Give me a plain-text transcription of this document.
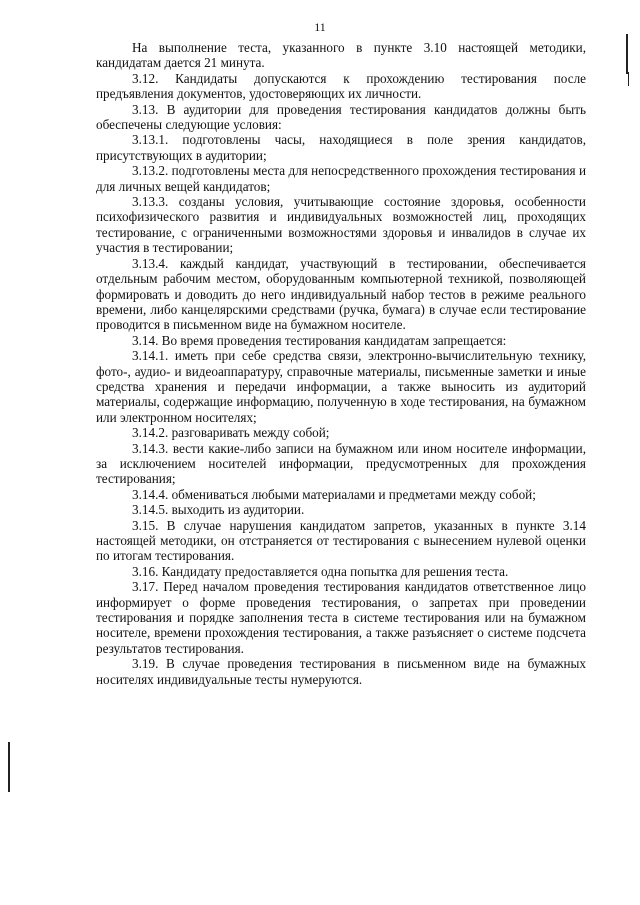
11

На выполнение теста, указанного в пункте 3.10 настоящей методики, кандидатам дается 21 минута.

3.12. Кандидаты допускаются к прохождению тестирования после предъявления документов, удостоверяющих их личности.

3.13. В аудитории для проведения тестирования кандидатов должны быть обеспечены следующие условия:

3.13.1. подготовлены часы, находящиеся в поле зрения кандидатов, присутствующих в аудитории;

3.13.2. подготовлены места для непосредственного прохождения тестирования и для личных вещей кандидатов;

3.13.3. созданы условия, учитывающие состояние здоровья, особенности психофизического развития и индивидуальных возможностей лиц, проходящих тестирование, с ограниченными возможностями здоровья и инвалидов в случае их участия в тестировании;

3.13.4. каждый кандидат, участвующий в тестировании, обеспечивается отдельным рабочим местом, оборудованным компьютерной техникой, позволяющей формировать и доводить до него индивидуальный набор тестов в режиме реального времени, либо канцелярскими средствами (ручка, бумага) в случае если тестирование проводится в письменном виде на бумажном носителе.

3.14. Во время проведения тестирования кандидатам запрещается:

3.14.1. иметь при себе средства связи, электронно-вычислительную технику, фото-, аудио- и видеоаппаратуру, справочные материалы, письменные заметки и иные средства хранения и передачи информации, а также выносить из аудиторий материалы, содержащие информацию, полученную в ходе тестирования, на бумажном или электронном носителях;

3.14.2. разговаривать между собой;

3.14.3. вести какие-либо записи на бумажном или ином носителе информации, за исключением носителей информации, предусмотренных для прохождения тестирования;

3.14.4. обмениваться любыми материалами и предметами между собой;

3.14.5. выходить из аудитории.

3.15. В случае нарушения кандидатом запретов, указанных в пункте 3.14 настоящей методики, он отстраняется от тестирования с вынесением нулевой оценки по итогам тестирования.

3.16. Кандидату предоставляется одна попытка для решения теста.

3.17. Перед началом проведения тестирования кандидатов ответственное лицо информирует о форме проведения тестирования, о запретах при проведении тестирования и порядке заполнения теста в системе тестирования или на бумажном носителе, времени прохождения тестирования, а также разъясняет о системе подсчета результатов тестирования.

3.19. В случае проведения тестирования в письменном виде на бумажных носителях индивидуальные тесты нумеруются.
